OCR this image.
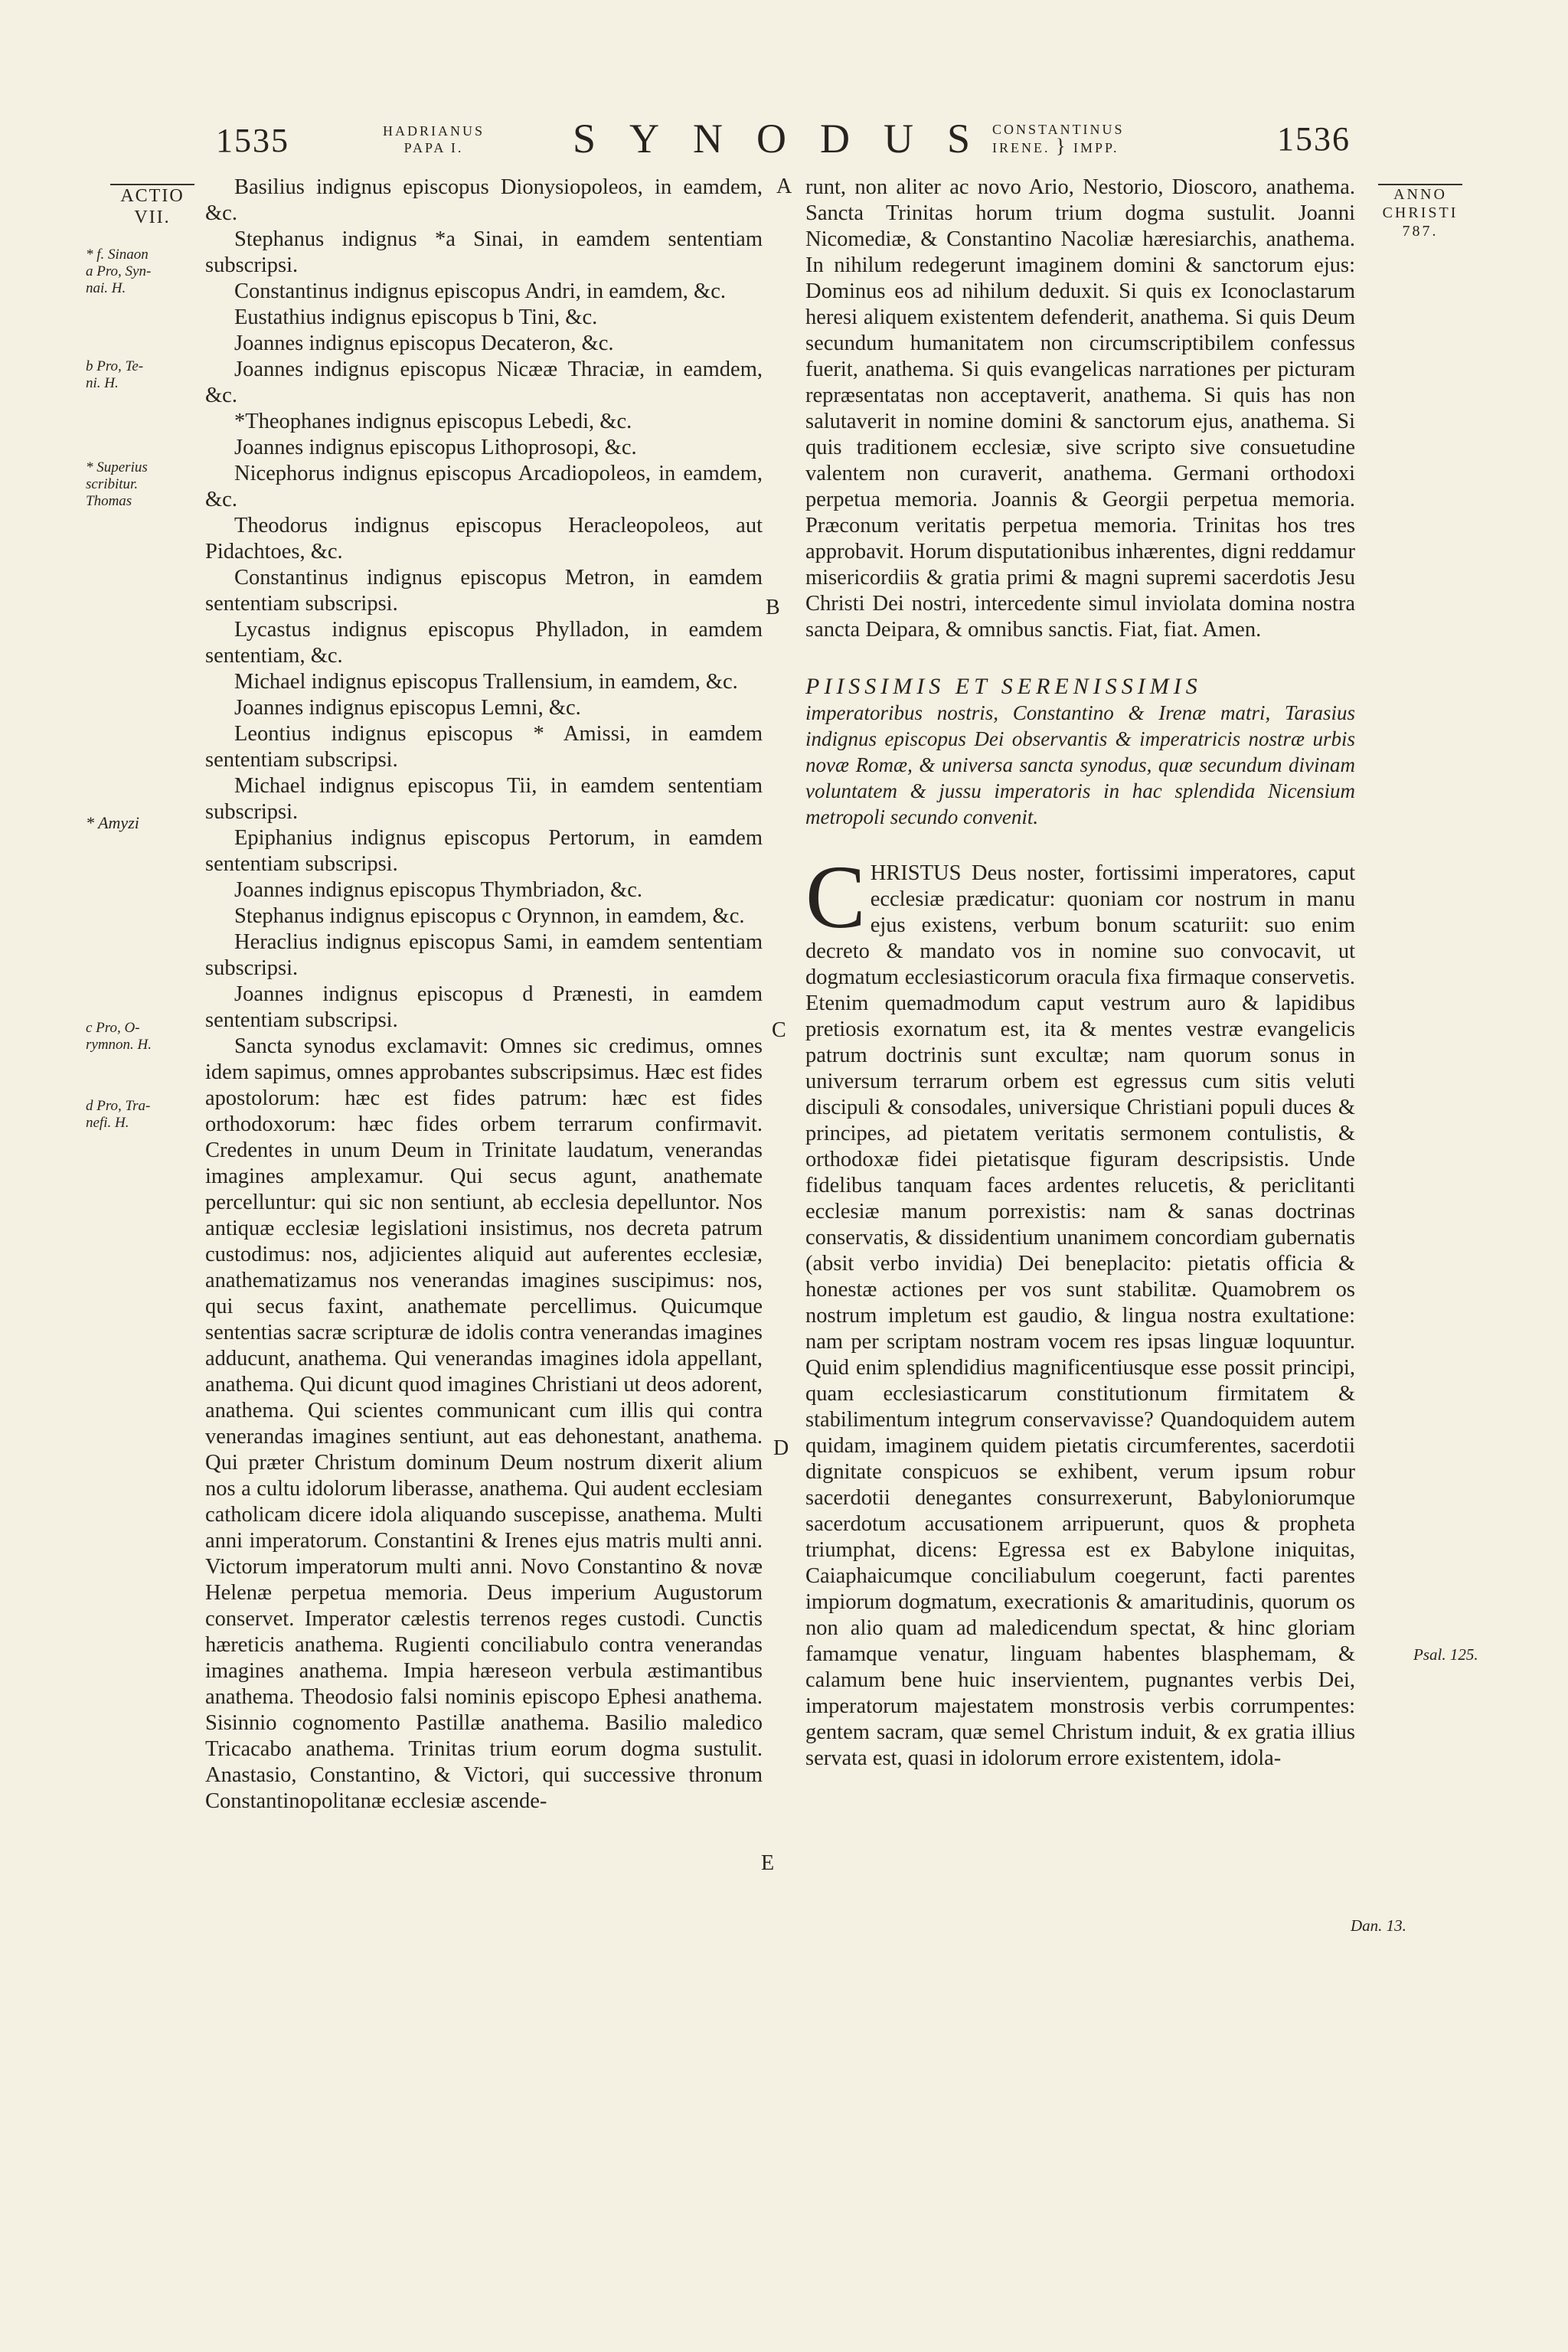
1535	HADRIANUS
PAPA I.	SYNODUS
CONSTANTINUS
IRENE. } IMPP.	1536
ACTIO
VII.
* f. Sinaon
a Pro, Syn-
nai. H.
b Pro, Te-
ni. H.
* Superius
scribitur.
Thomas
* Amyzi
c Pro, O-
rymnon. H.
d Pro, Tra-
nefi. H.
A
B
C
D
E
ANNO
CHRISTI
787.
Psal. 125.
Dan. 13.

Basilius indignus episcopus Dionysiopoleos, in eamdem, &c.

Stephanus indignus *a Sinai, in eamdem sententiam subscripsi.

Constantinus indignus episcopus Andri, in eamdem, &c.

Eustathius indignus episcopus b Tini, &c.

Joannes indignus episcopus Decateron, &c.

Joannes indignus episcopus Nicææ Thraciæ, in eamdem, &c.

*Theophanes indignus episcopus Lebedi, &c.

Joannes indignus episcopus Lithoprosopi, &c.

Nicephorus indignus episcopus Arcadiopoleos, in eamdem, &c.

Theodorus indignus episcopus Heracleopoleos, aut Pidachtoes, &c.

Constantinus indignus episcopus Metron, in eamdem sententiam subscripsi.

Lycastus indignus episcopus Phylladon, in eamdem sententiam, &c.

Michael indignus episcopus Trallensium, in eamdem, &c.

Joannes indignus episcopus Lemni, &c.

Leontius indignus episcopus * Amissi, in eamdem sententiam subscripsi.

Michael indignus episcopus Tii, in eamdem sententiam subscripsi.

Epiphanius indignus episcopus Pertorum, in eamdem sententiam subscripsi.

Joannes indignus episcopus Thymbriadon, &c.

Stephanus indignus episcopus c Orynnon, in eamdem, &c.

Heraclius indignus episcopus Sami, in eamdem sententiam subscripsi.

Joannes indignus episcopus d Prænesti, in eamdem sententiam subscripsi.

Sancta synodus exclamavit: Omnes sic credimus, omnes idem sapimus, omnes approbantes subscripsimus. Hæc est fides apostolorum: hæc est fides patrum: hæc est fides orthodoxorum: hæc fides orbem terrarum confirmavit. Credentes in unum Deum in Trinitate laudatum, venerandas imagines amplexamur. Qui secus agunt, anathemate percelluntur: qui sic non sentiunt, ab ecclesia depelluntor. Nos antiquæ ecclesiæ legislationi insistimus, nos decreta patrum custodimus: nos, adjicientes aliquid aut auferentes ecclesiæ, anathematizamus nos venerandas imagines suscipimus: nos, qui secus faxint, anathemate percellimus. Quicumque sententias sacræ scripturæ de idolis contra venerandas imagines adducunt, anathema. Qui venerandas imagines idola appellant, anathema. Qui dicunt quod imagines Christiani ut deos adorent, anathema. Qui scientes communicant cum illis qui contra venerandas imagines sentiunt, aut eas dehonestant, anathema. Qui præter Christum dominum Deum nostrum dixerit alium nos a cultu idolorum liberasse, anathema. Qui audent ecclesiam catholicam dicere idola aliquando suscepisse, anathema. Multi anni imperatorum. Constantini & Irenes ejus matris multi anni. Victorum imperatorum multi anni. Novo Constantino & novæ Helenæ perpetua memoria. Deus imperium Augustorum conservet. Imperator cælestis terrenos reges custodi. Cunctis hæreticis anathema. Rugienti conciliabulo contra venerandas imagines anathema. Impia hæreseon verbula æstimantibus anathema. Theodosio falsi nominis episcopo Ephesi anathema. Sisinnio cognomento Pastillæ anathema. Basilio maledico Tricacabo anathema. Trinitas trium eorum dogma sustulit. Anastasio, Constantino, & Victori, qui successive thronum Constantinopolitanæ ecclesiæ ascende-

runt, non aliter ac novo Ario, Nestorio, Dioscoro, anathema. Sancta Trinitas horum trium dogma sustulit. Joanni Nicomediæ, & Constantino Nacoliæ hæresiarchis, anathema. In nihilum redegerunt imaginem domini & sanctorum ejus: Dominus eos ad nihilum deduxit. Si quis ex Iconoclastarum heresi aliquem existentem defenderit, anathema. Si quis Deum secundum humanitatem non circumscriptibilem confessus fuerit, anathema. Si quis evangelicas narrationes per picturam repræsentatas non acceptaverit, anathema. Si quis has non salutaverit in nomine domini & sanctorum ejus, anathema. Si quis traditionem ecclesiæ, sive scripto sive consuetudine valentem non curaverit, anathema. Germani orthodoxi perpetua memoria. Joannis & Georgii perpetua memoria. Præconum veritatis perpetua memoria. Trinitas hos tres approbavit. Horum disputationibus inhærentes, digni reddamur misericordiis & gratia primi & magni supremi sacerdotis Jesu Christi Dei nostri, intercedente simul inviolata domina nostra sancta Deipara, & omnibus sanctis. Fiat, fiat. Amen.

PIISSIMIS ET SERENISSIMIS
imperatoribus nostris, Constantino & Irenæ matri, Tarasius indignus episcopus Dei observantis & imperatricis nostræ urbis novæ Romæ, & universa sancta synodus, quæ secundum divinam voluntatem & jussu imperatoris in hac splendida Nicensium metropoli secundo convenit.
CHRISTUS Deus noster, fortissimi imperatores, caput ecclesiæ prædicatur: quoniam cor nostrum in manu ejus existens, verbum bonum scaturiit: suo enim decreto & mandato vos in nomine suo convocavit, ut dogmatum ecclesiasticorum oracula fixa firmaque conservetis. Etenim quemadmodum caput vestrum auro & lapidibus pretiosis exornatum est, ita & mentes vestræ evangelicis patrum doctrinis sunt excultæ; nam quorum sonus in universum terrarum orbem est egressus cum sitis veluti discipuli & consodales, universique Christiani populi duces & principes, ad pietatem veritatis sermonem contulistis, & orthodoxæ fidei pietatisque figuram descripsistis. Unde fidelibus tanquam faces ardentes relucetis, & periclitanti ecclesiæ manum porrexistis: nam & sanas doctrinas conservatis, & dissidentium unanimem concordiam gubernatis (absit verbo invidia) Dei beneplacito: pietatis officia & honestæ actiones per vos sunt stabilitæ. Quamobrem os nostrum impletum est gaudio, & lingua nostra exultatione: nam per scriptam nostram vocem res ipsas linguæ loquuntur. Quid enim splendidius magnificentiusque esse possit principi, quam ecclesiasticarum constitutionum firmitatem & stabilimentum integrum conservavisse? Quandoquidem autem quidam, imaginem quidem pietatis circumferentes, sacerdotii dignitate conspicuos se exhibent, verum ipsum robur sacerdotii denegantes consurrexerunt, Babyloniorumque sacerdotum accusationem arripuerunt, quos & propheta triumphat, dicens: Egressa est ex Babylone iniquitas, Caiaphaicumque conciliabulum coegerunt, facti parentes impiorum dogmatum, execrationis & amaritudinis, quorum os non alio quam ad maledicendum spectat, & hinc gloriam famamque venatur, linguam habentes blasphemam, & calamum bene huic inservientem, pugnantes verbis Dei, imperatorum majestatem monstrosis verbis corrumpentes: gentem sacram, quæ semel Christum induit, & ex gratia illius servata est, quasi in idolorum errore existentem, idola-
